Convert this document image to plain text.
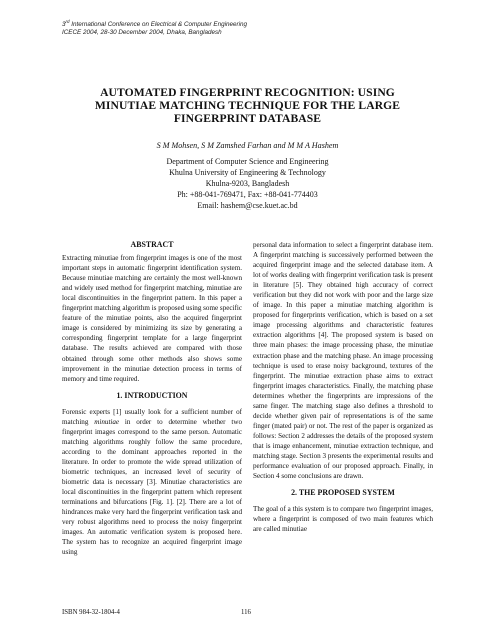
3rd International Conference on Electrical & Computer Engineering
ICECE 2004, 28-30 December 2004, Dhaka, Bangladesh
AUTOMATED FINGERPRINT RECOGNITION: USING
MINUTIAE MATCHING TECHNIQUE FOR THE LARGE
FINGERPRINT DATABASE
S M Mohsen, S M Zamshed Farhan and M M A Hashem
Department of Computer Science and Engineering
Khulna University of Engineering & Technology
Khulna-9203, Bangladesh
Ph: +88-041-769471, Fax: +88-041-774403
Email: hashem@cse.kuet.ac.bd
ABSTRACT

Extracting minutiae from fingerprint images is one of the most important steps in automatic fingerprint identification system. Because minutiae matching are certainly the most well-known and widely used method for fingerprint matching, minutiae are local discontinuities in the fingerprint pattern. In this paper a fingerprint matching algorithm is proposed using some specific feature of the minutiae points, also the acquired fingerprint image is considered by minimizing its size by generating a corresponding fingerprint template for a large fingerprint database. The results achieved are compared with those obtained through some other methods also shows some improvement in the minutiae detection process in terms of memory and time required.

1. INTRODUCTION

Forensic experts [1] usually look for a sufficient number of matching minutiae in order to determine whether two fingerprint images correspond to the same person. Automatic matching algorithms roughly follow the same procedure, according to the dominant approaches reported in the literature. In order to promote the wide spread utilization of biometric techniques, an increased level of security of biometric data is necessary [3]. Minutiae characteristics are local discontinuities in the fingerprint pattern which represent terminations and bifurcations [Fig. 1]. [2]. There are a lot of hindrances make very hard the fingerprint verification task and very robust algorithms need to process the noisy fingerprint images. An automatic verification system is proposed here. The system has to recognize an acquired fingerprint image using

personal data information to select a fingerprint database item. A fingerprint matching is successively performed between the acquired fingerprint image and the selected database item. A lot of works dealing with fingerprint verification task is present in literature [5]. They obtained high accuracy of correct verification but they did not work with poor and the large size of image. In this paper a minutiae matching algorithm is proposed for fingerprints verification, which is based on a set image processing algorithms and characteristic features extraction algorithms [4]. The proposed system is based on three main phases: the image processing phase, the minutiae extraction phase and the matching phase. An image processing technique is used to erase noisy background, textures of the fingerprint. The minutiae extraction phase aims to extract fingerprint images characteristics. Finally, the matching phase determines whether the fingerprints are impressions of the same finger. The matching stage also defines a threshold to decide whether given pair of representations is of the same finger (mated pair) or not. The rest of the paper is organized as follows: Section 2 addresses the details of the proposed system that is image enhancement, minutiae extraction technique, and matching stage. Section 3 presents the experimental results and performance evaluation of our proposed approach. Finally, in Section 4 some conclusions are drawn.

2. THE PROPOSED SYSTEM

The goal of a this system is to compare two fingerprint images, where a fingerprint is composed of two main features which are called minutiae

ISBN 984-32-1804-4	116
